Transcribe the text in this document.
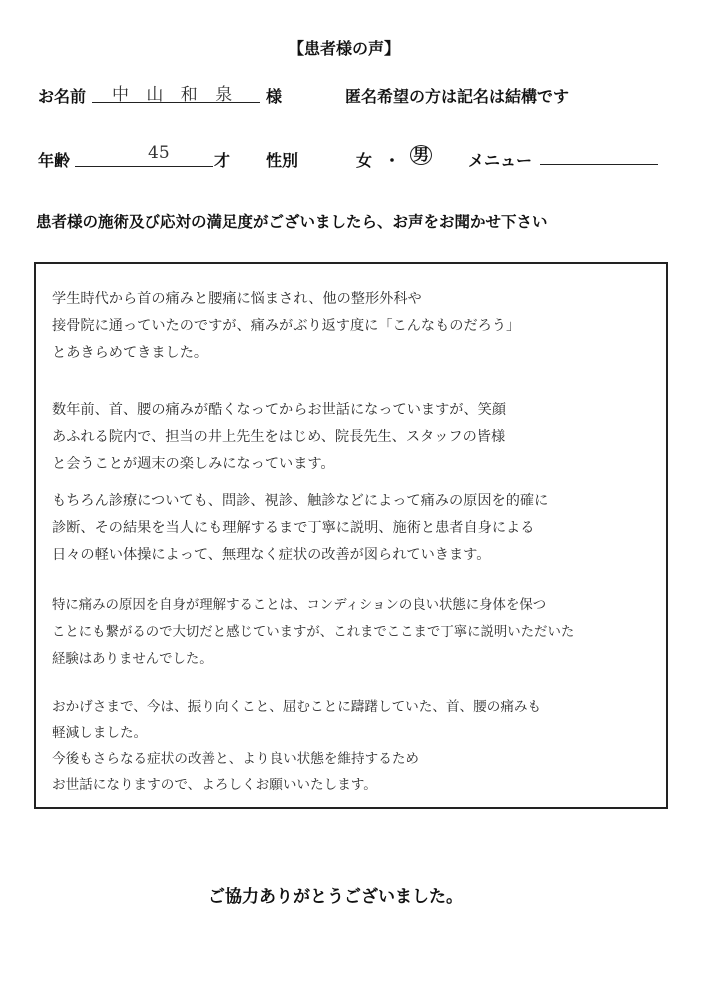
【患者様の声】
お名前 中 山 和 泉 様	匿名希望の方は記名は結構です
年齢	45	才 性別	女 ・ 男 メニュー
患者様の施術及び応対の満足度がございましたら、お声をお聞かせ下さい
学生時代から首の痛みと腰痛に悩まされ、他の整形外科や
接骨院に通っていたのですが、痛みがぶり返す度に「こんなものだろう」
とあきらめてきました。
数年前、首、腰の痛みが酷くなってからお世話になっていますが、笑顔
あふれる院内で、担当の井上先生をはじめ、院長先生、スタッフの皆様
と会うことが週末の楽しみになっています。
もちろん診療についても、問診、視診、触診などによって痛みの原因を的確に
診断、その結果を当人にも理解するまで丁寧に説明、施術と患者自身による
日々の軽い体操によって、無理なく症状の改善が図られていきます。
特に痛みの原因を自身が理解することは、コンディションの良い状態に身体を保つ
ことにも繋がるので大切だと感じていますが、これまでここまで丁寧に説明いただいた
経験はありませんでした。
おかげさまで、今は、振り向くこと、屈むことに躊躇していた、首、腰の痛みも
軽減しました。
今後もさらなる症状の改善と、より良い状態を維持するため
お世話になりますので、よろしくお願いいたします。
ご協力ありがとうございました。
